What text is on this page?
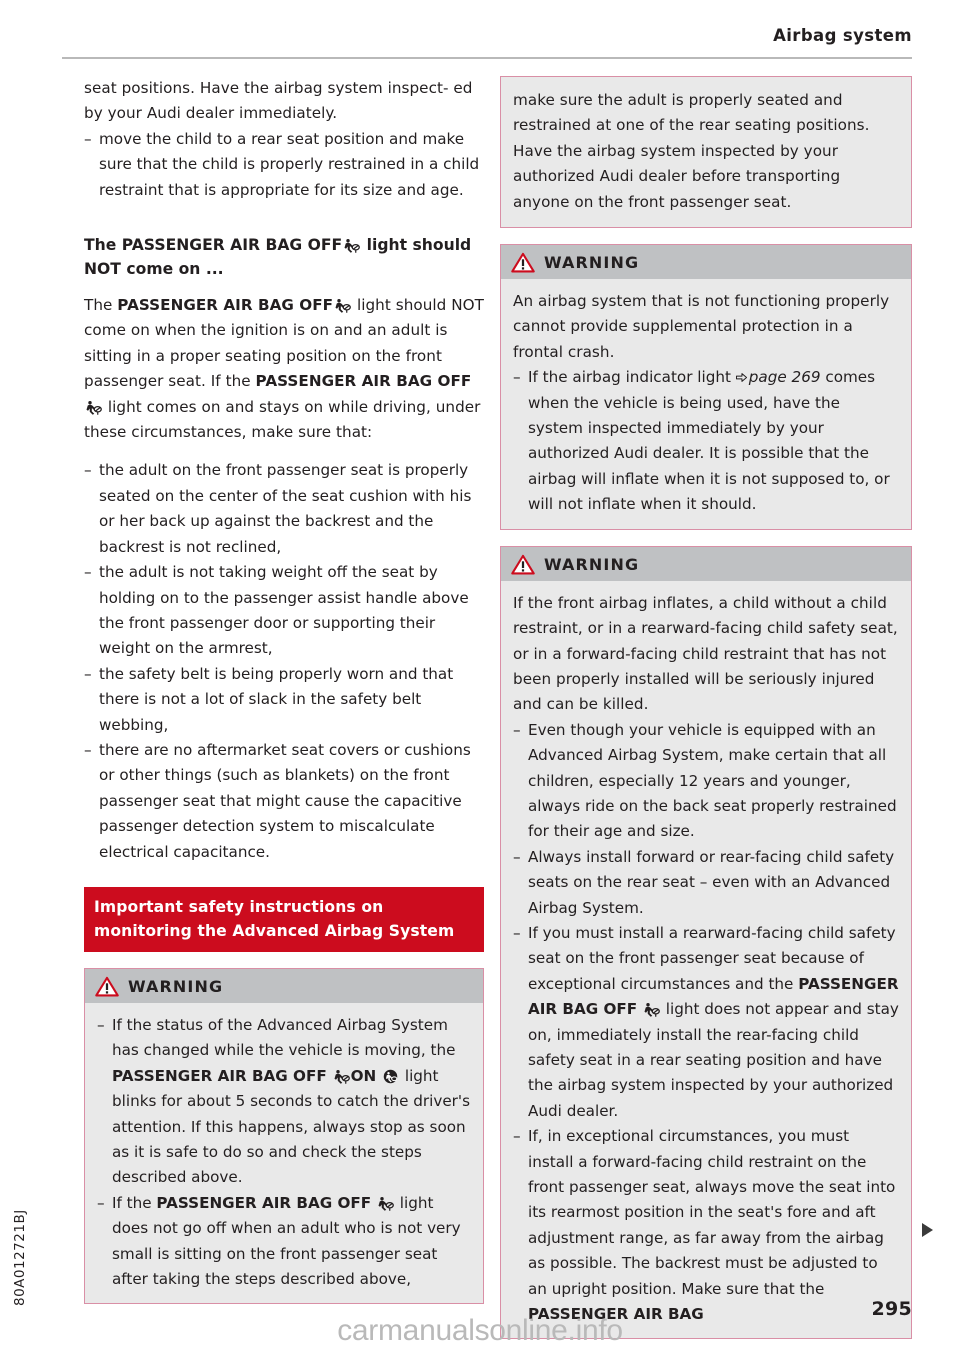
Airbag system

seat positions. Have the airbag system inspect- ed by your Audi dealer immediately.

– move the child to a rear seat position and make sure that the child is properly restrained in a child restraint that is appropriate for its size and age.
The PASSENGER AIR BAG OFF light should NOT come on ...

The PASSENGER AIR BAG OFF light should NOT come on when the ignition is on and an adult is sitting in a proper seating position on the front passenger seat. If the PASSENGER AIR BAG OFF  light comes on and stays on while driving, under these circumstances, make sure that:

– the adult on the front passenger seat is properly seated on the center of the seat cushion with his or her back up against the backrest and the backrest is not reclined,
– the adult is not taking weight off the seat by holding on to the passenger assist handle above the front passenger door or supporting their weight on the armrest,
– the safety belt is being properly worn and that there is not a lot of slack in the safety belt webbing,
– there are no aftermarket seat covers or cushions or other things (such as blankets) on the front passenger seat that might cause the capacitive passenger detection system to miscalculate electrical capacitance.
Important safety instructions on monitoring the Advanced Airbag System
WARNING
– If the status of the Advanced Airbag System has changed while the vehicle is moving, the PASSENGER AIR BAG OFF ON light blinks for about 5 seconds to catch the driver's attention. If this happens, always stop as soon as it is safe to do so and check the steps described above.
– If the PASSENGER AIR BAG OFF light does not go off when an adult who is not very small is sitting on the front passenger seat after taking the steps described above,

make sure the adult is properly seated and restrained at one of the rear seating positions. Have the airbag system inspected by your authorized Audi dealer before transporting anyone on the front passenger seat.

WARNING

An airbag system that is not functioning properly cannot provide supplemental protection in a frontal crash.

– If the airbag indicator light page 269 comes when the vehicle is being used, have the system inspected immediately by your authorized Audi dealer. It is possible that the airbag will inflate when it is not supposed to, or will not inflate when it should.
WARNING

If the front airbag inflates, a child without a child restraint, or in a rearward-facing child safety seat, or in a forward-facing child restraint that has not been properly installed will be seriously injured and can be killed.

– Even though your vehicle is equipped with an Advanced Airbag System, make certain that all children, especially 12 years and younger, always ride on the back seat properly restrained for their age and size.
– Always install forward or rear-facing child safety seats on the rear seat – even with an Advanced Airbag System.
– If you must install a rearward-facing child safety seat on the front passenger seat because of exceptional circumstances and the PASSENGER AIR BAG OFF light does not appear and stay on, immediately install the rear-facing child safety seat in a rear seating position and have the airbag system inspected by your authorized Audi dealer.
– If, in exceptional circumstances, you must install a forward-facing child restraint on the front passenger seat, always move the seat into its rearmost position in the seat's fore and aft adjustment range, as far away from the airbag as possible. The backrest must be adjusted to an upright position. Make sure that the PASSENGER AIR BAG
80A012721BJ
295
carmanualsonline.info
